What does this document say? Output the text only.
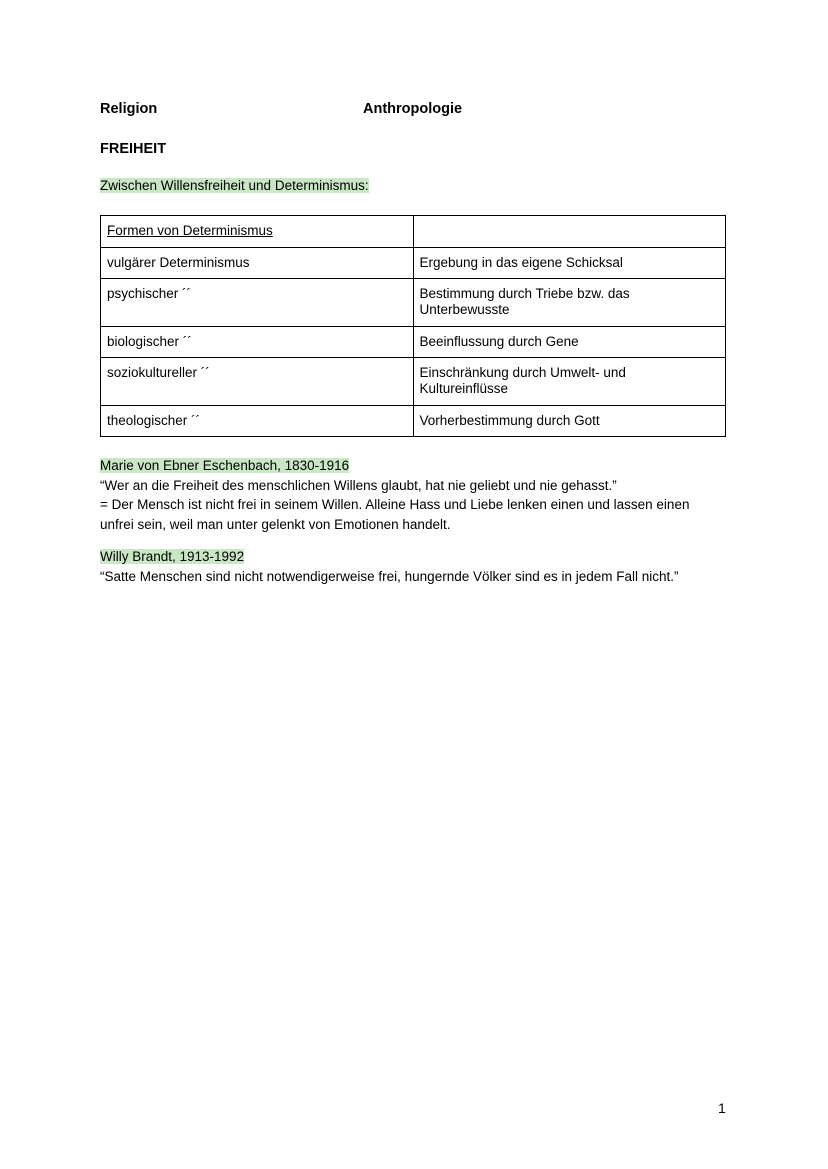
Religion	Anthropologie
FREIHEIT
Zwischen Willensfreiheit und Determinismus:
Formen von Determinismus	
vulgärer Determinismus	Ergebung in das eigene Schicksal
psychischer ´´	Bestimmung durch Triebe bzw. das Unterbewusste
biologischer ´´	Beeinflussung durch Gene
soziokultureller ´´	Einschränkung durch Umwelt- und Kultureinflüsse
theologischer ´´	Vorherbestimmung durch Gott
Marie von Ebner Eschenbach, 1830-1916
“Wer an die Freiheit des menschlichen Willens glaubt, hat nie geliebt und nie gehasst.”
= Der Mensch ist nicht frei in seinem Willen. Alleine Hass und Liebe lenken einen und lassen einen
unfrei sein, weil man unter gelenkt von Emotionen handelt.
Willy Brandt, 1913-1992
“Satte Menschen sind nicht notwendigerweise frei, hungernde Völker sind es in jedem Fall nicht.”
1
